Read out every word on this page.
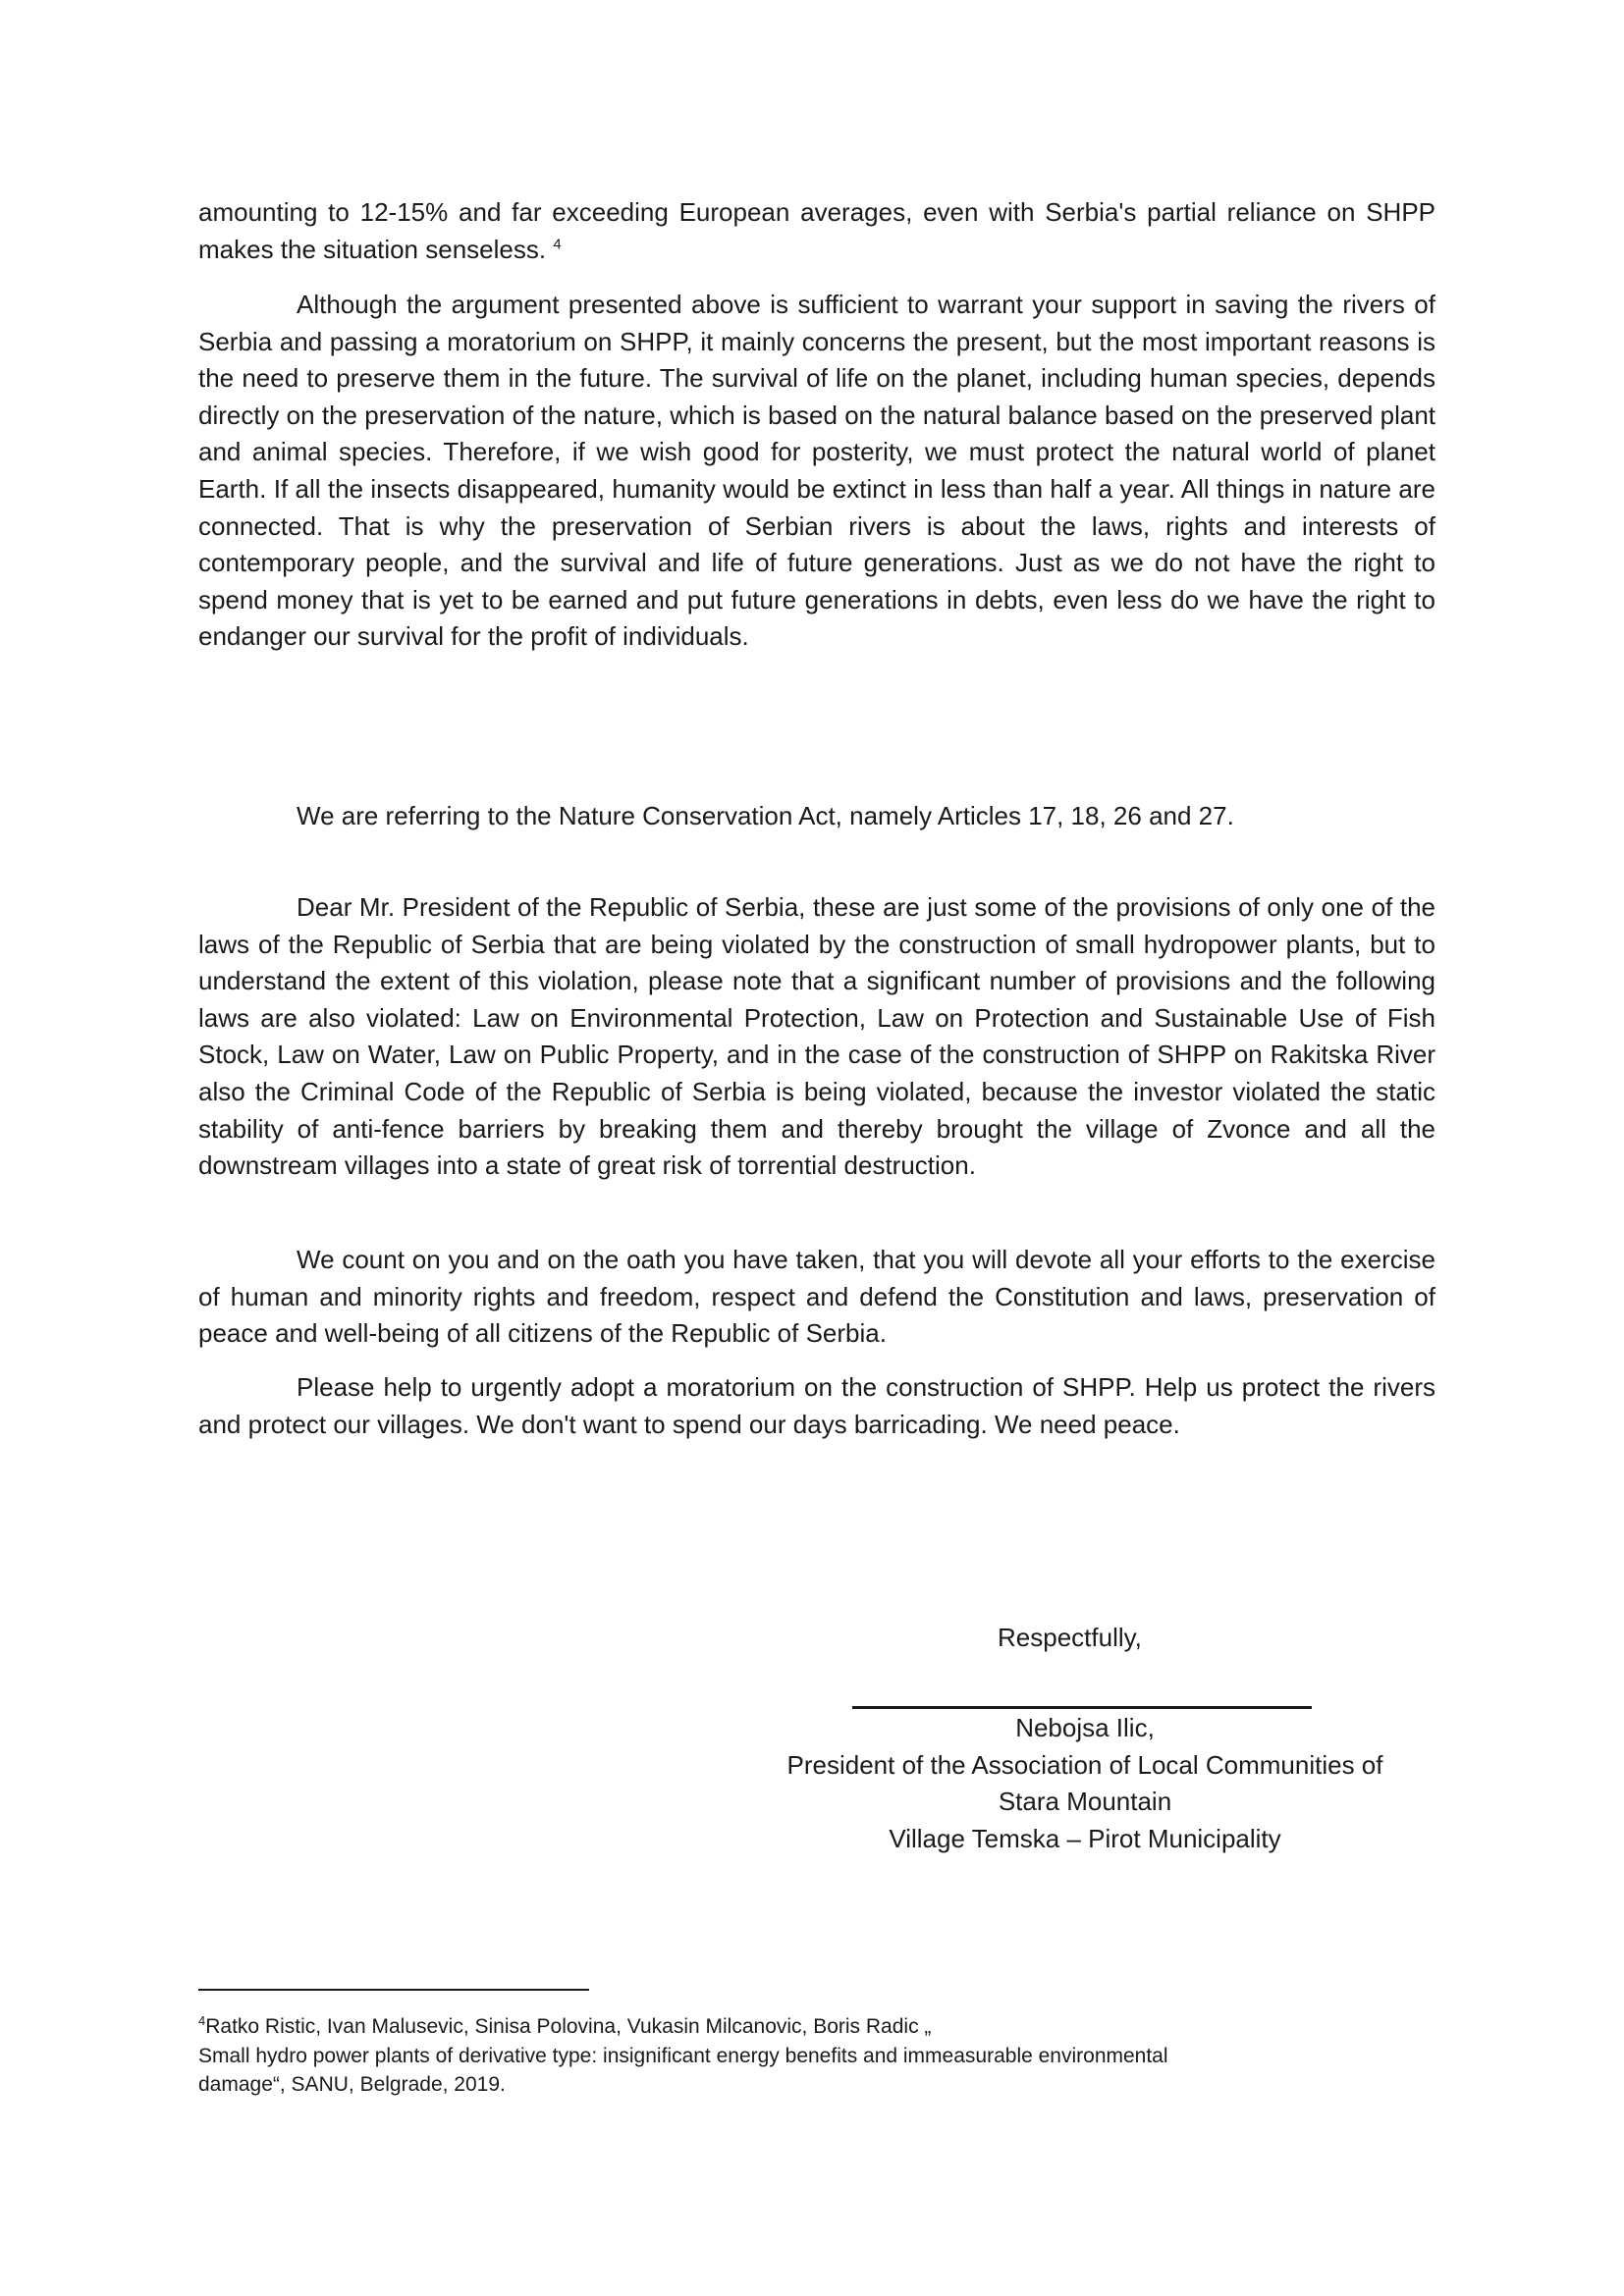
amounting to 12-15% and far exceeding European averages, even with Serbia's partial reliance on SHPP makes the situation senseless. $^4$

Although the argument presented above is sufficient to warrant your support in saving the rivers of Serbia and passing a moratorium on SHPP, it mainly concerns the present, but the most important reasons is the need to preserve them in the future. The survival of life on the planet, including human species, depends directly on the preservation of the nature, which is based on the natural balance based on the preserved plant and animal species. Therefore, if we wish good for posterity, we must protect the natural world of planet Earth. If all the insects disappeared, humanity would be extinct in less than half a year. All things in nature are connected. That is why the preservation of Serbian rivers is about the laws, rights and interests of contemporary people, and the survival and life of future generations. Just as we do not have the right to spend money that is yet to be earned and put future generations in debts, even less do we have the right to endanger our survival for the profit of individuals.

We are referring to the Nature Conservation Act, namely Articles 17, 18, 26 and 27.

Dear Mr. President of the Republic of Serbia, these are just some of the provisions of only one of the laws of the Republic of Serbia that are being violated by the construction of small hydropower plants, but to understand the extent of this violation, please note that a significant number of provisions and the following laws are also violated: Law on Environmental Protection, Law on Protection and Sustainable Use of Fish Stock, Law on Water, Law on Public Property, and in the case of the construction of SHPP on Rakitska River also the Criminal Code of the Republic of Serbia is being violated, because the investor violated the static stability of anti-fence barriers by breaking them and thereby brought the village of Zvonce and all the downstream villages into a state of great risk of torrential destruction.

We count on you and on the oath you have taken, that you will devote all your efforts to the exercise of human and minority rights and freedom, respect and defend the Constitution and laws, preservation of peace and well-being of all citizens of the Republic of Serbia.

Please help to urgently adopt a moratorium on the construction of SHPP. Help us protect the rivers and protect our villages. We don't want to spend our days barricading. We need peace.

Respectfully,
Nebojsa Ilic,
President of the Association of Local Communities of
Stara Mountain
Village Temska – Pirot Municipality
$^4$Ratko Ristic, Ivan Malusevic, Sinisa Polovina, Vukasin Milcanovic, Boris Radic „
Small hydro power plants of derivative type: insignificant energy benefits and immeasurable environmental
damage“, SANU, Belgrade, 2019.
